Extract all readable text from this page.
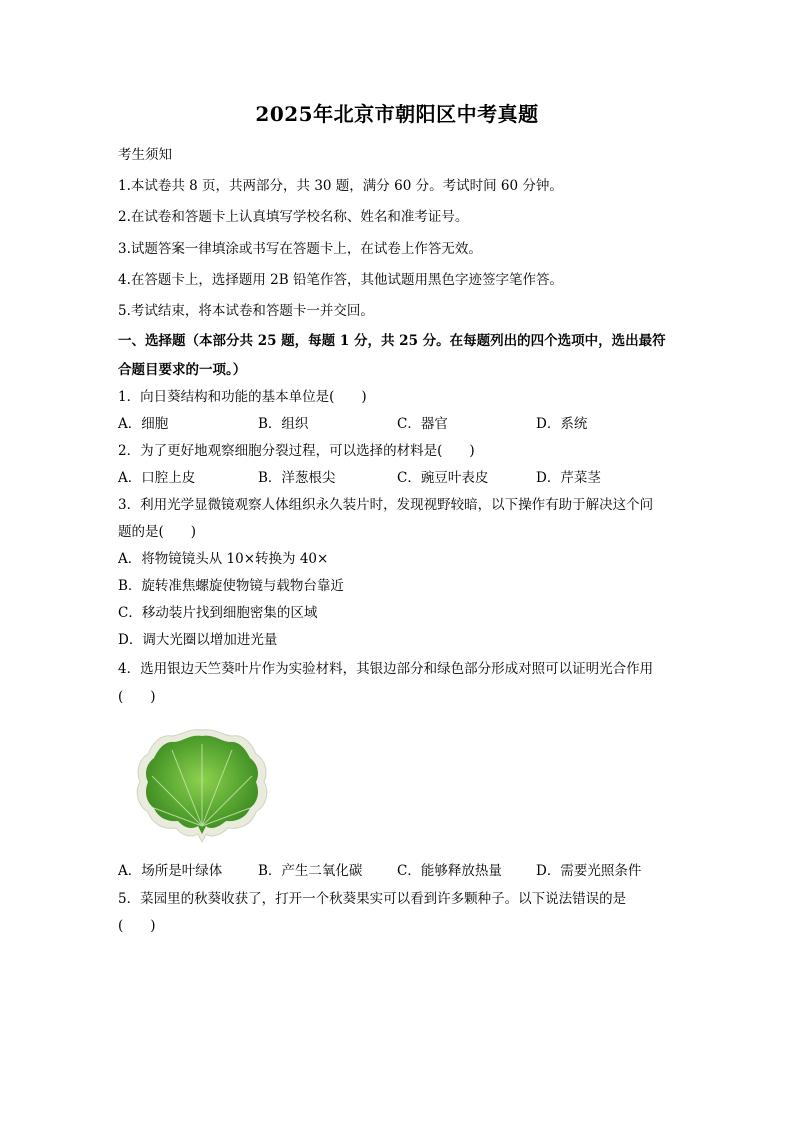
2025年北京市朝阳区中考真题
考生须知
1.本试卷共 8 页，共两部分，共 30 题，满分 60 分。考试时间 60 分钟。
2.在试卷和答题卡上认真填写学校名称、姓名和准考证号。
3.试题答案一律填涂或书写在答题卡上，在试卷上作答无效。
4.在答题卡上，选择题用 2B 铅笔作答，其他试题用黑色字迹签字笔作答。
5.考试结束，将本试卷和答题卡一并交回。
一、选择题（本部分共 25 题，每题 1 分，共 25 分。在每题列出的四个选项中，选出最符
合题目要求的一项。）
1．向日葵结构和功能的基本单位是(　　)
A．细胞	B．组织	C．器官	D．系统
2．为了更好地观察细胞分裂过程，可以选择的材料是(　　)
A．口腔上皮	B．洋葱根尖	C．豌豆叶表皮	D．芹菜茎
3．利用光学显微镜观察人体组织永久装片时，发现视野较暗，以下操作有助于解决这个问
题的是(　　)
A．将物镜镜头从 10×转换为 40×
B．旋转准焦螺旋使物镜与载物台靠近
C．移动装片找到细胞密集的区域
D．调大光圈以增加进光量
4．选用银边天竺葵叶片作为实验材料，其银边部分和绿色部分形成对照可以证明光合作用
(　　)
A．场所是叶绿体	B．产生二氧化碳	C．能够释放热量	D．需要光照条件
5．菜园里的秋葵收获了，打开一个秋葵果实可以看到许多颗种子。以下说法错误的是
(　　)
